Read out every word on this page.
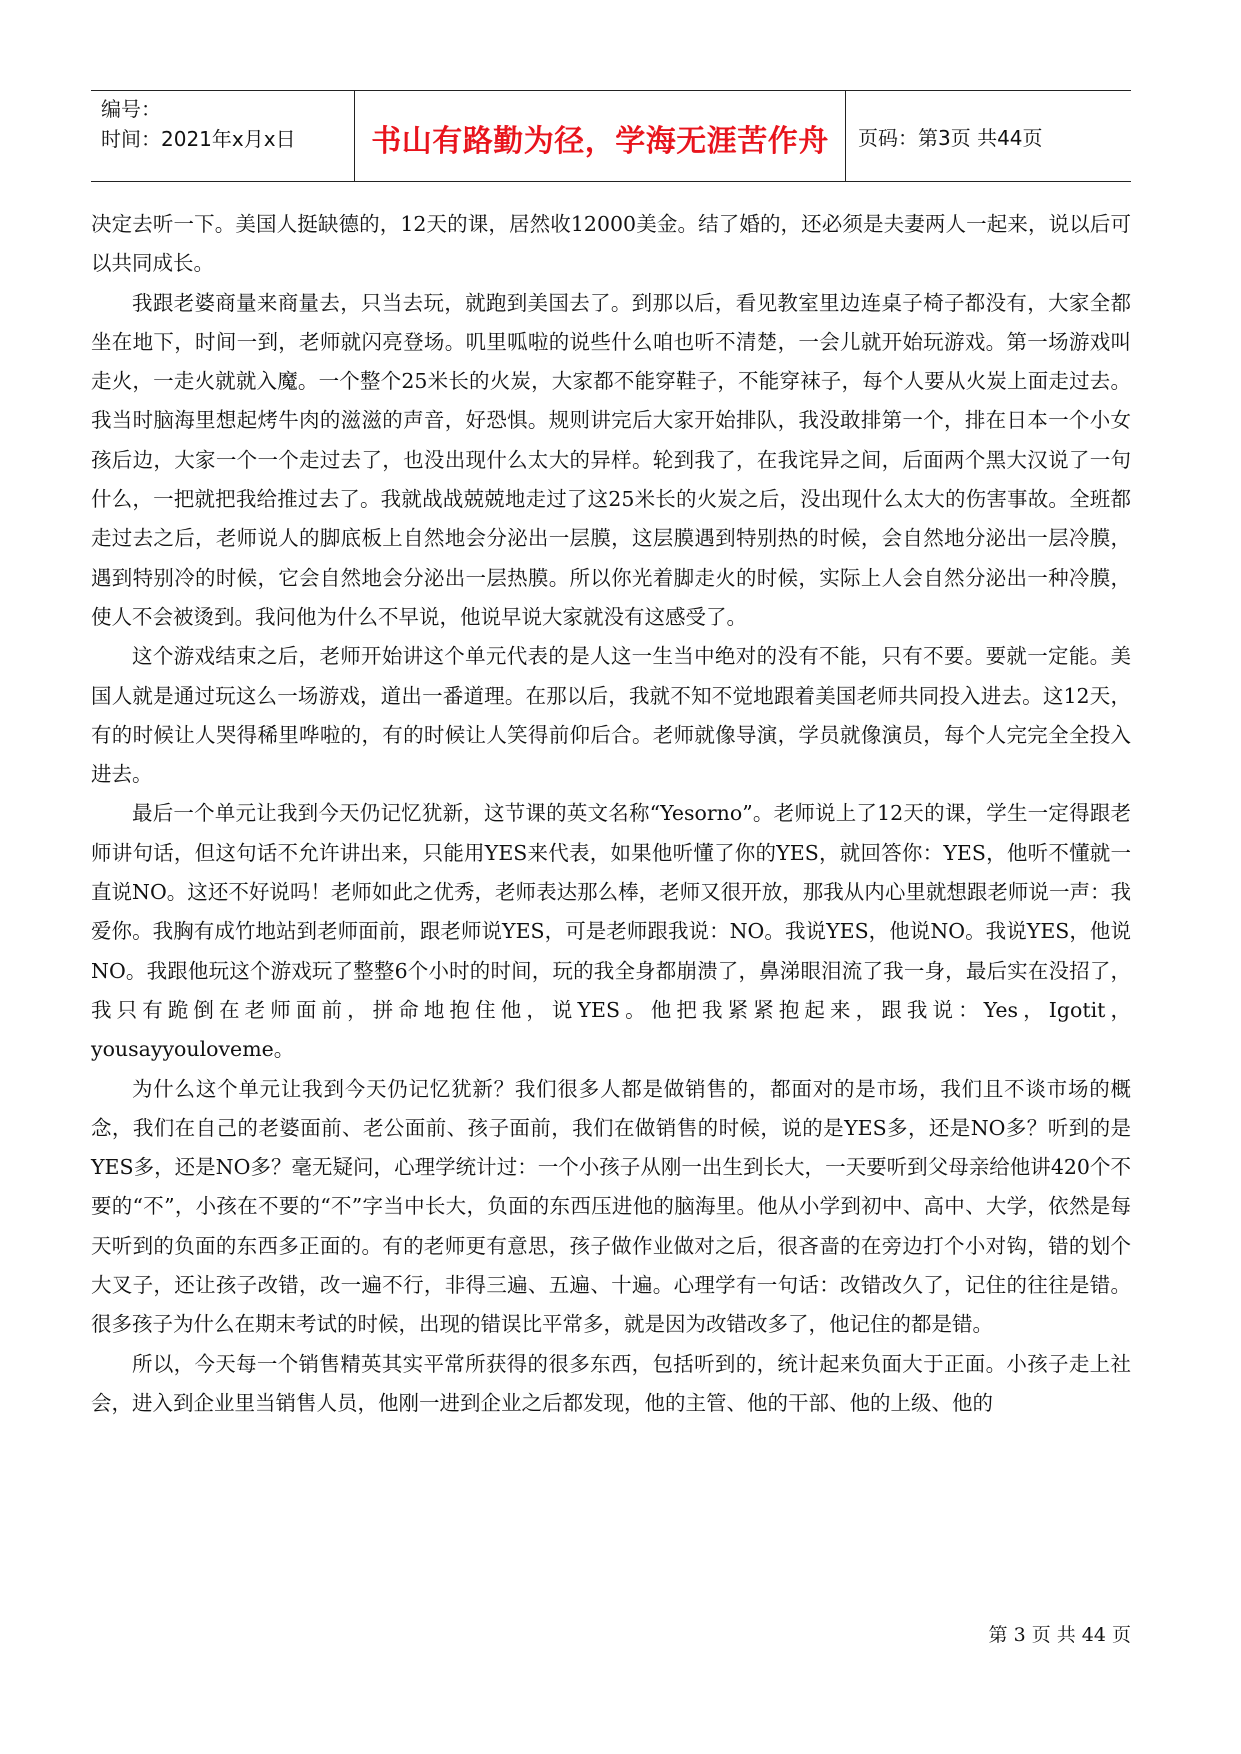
编号：
时间：2021年x月x日	书山有路勤为径，学海无涯苦作舟 页码：第3页 共44页

决定去听一下。美国人挺缺德的，12天的课，居然收12000美金。结了婚的，还必须是夫妻两人一起来，说以后可以共同成长。

我跟老婆商量来商量去，只当去玩，就跑到美国去了。到那以后，看见教室里边连桌子椅子都没有，大家全都坐在地下，时间一到，老师就闪亮登场。叽里呱啦的说些什么咱也听不清楚，一会儿就开始玩游戏。第一场游戏叫走火，一走火就就入魔。一个整个25米长的火炭，大家都不能穿鞋子，不能穿袜子，每个人要从火炭上面走过去。我当时脑海里想起烤牛肉的滋滋的声音，好恐惧。规则讲完后大家开始排队，我没敢排第一个，排在日本一个小女孩后边，大家一个一个走过去了，也没出现什么太大的异样。轮到我了，在我诧异之间，后面两个黑大汉说了一句什么，一把就把我给推过去了。我就战战兢兢地走过了这25米长的火炭之后，没出现什么太大的伤害事故。全班都走过去之后，老师说人的脚底板上自然地会分泌出一层膜，这层膜遇到特别热的时候，会自然地分泌出一层冷膜，遇到特别冷的时候，它会自然地会分泌出一层热膜。所以你光着脚走火的时候，实际上人会自然分泌出一种冷膜，使人不会被烫到。我问他为什么不早说，他说早说大家就没有这感受了。

这个游戏结束之后，老师开始讲这个单元代表的是人这一生当中绝对的没有不能，只有不要。要就一定能。美国人就是通过玩这么一场游戏，道出一番道理。在那以后，我就不知不觉地跟着美国老师共同投入进去。这12天，有的时候让人哭得稀里哗啦的，有的时候让人笑得前仰后合。老师就像导演，学员就像演员，每个人完完全全投入进去。

最后一个单元让我到今天仍记忆犹新，这节课的英文名称“Yesorno”。老师说上了12天的课，学生一定得跟老师讲句话，但这句话不允许讲出来，只能用YES来代表，如果他听懂了你的YES，就回答你：YES，他听不懂就一直说NO。这还不好说吗！老师如此之优秀，老师表达那么棒，老师又很开放，那我从内心里就想跟老师说一声：我爱你。我胸有成竹地站到老师面前，跟老师说YES，可是老师跟我说：NO。我说YES，他说NO。我说YES，他说NO。我跟他玩这个游戏玩了整整6个小时的时间，玩的我全身都崩溃了，鼻涕眼泪流了我一身，最后实在没招了，我只有跪倒在老师面前，拼命地抱住他，说YES。他把我紧紧抱起来，跟我说：Yes，Igotit，yousayyouloveme。

为什么这个单元让我到今天仍记忆犹新？我们很多人都是做销售的，都面对的是市场，我们且不谈市场的概念，我们在自己的老婆面前、老公面前、孩子面前，我们在做销售的时候，说的是YES多，还是NO多？听到的是YES多，还是NO多？毫无疑问，心理学统计过：一个小孩子从刚一出生到长大，一天要听到父母亲给他讲420个不要的“不”，小孩在不要的“不”字当中长大，负面的东西压进他的脑海里。他从小学到初中、高中、大学，依然是每天听到的负面的东西多正面的。有的老师更有意思，孩子做作业做对之后，很吝啬的在旁边打个小对钩，错的划个大叉子，还让孩子改错，改一遍不行，非得三遍、五遍、十遍。心理学有一句话：改错改久了，记住的往往是错。很多孩子为什么在期末考试的时候，出现的错误比平常多，就是因为改错改多了，他记住的都是错。

所以，今天每一个销售精英其实平常所获得的很多东西，包括听到的，统计起来负面大于正面。小孩子走上社会，进入到企业里当销售人员，他刚一进到企业之后都发现，他的主管、他的干部、他的上级、他的

第 3 页 共 44 页
